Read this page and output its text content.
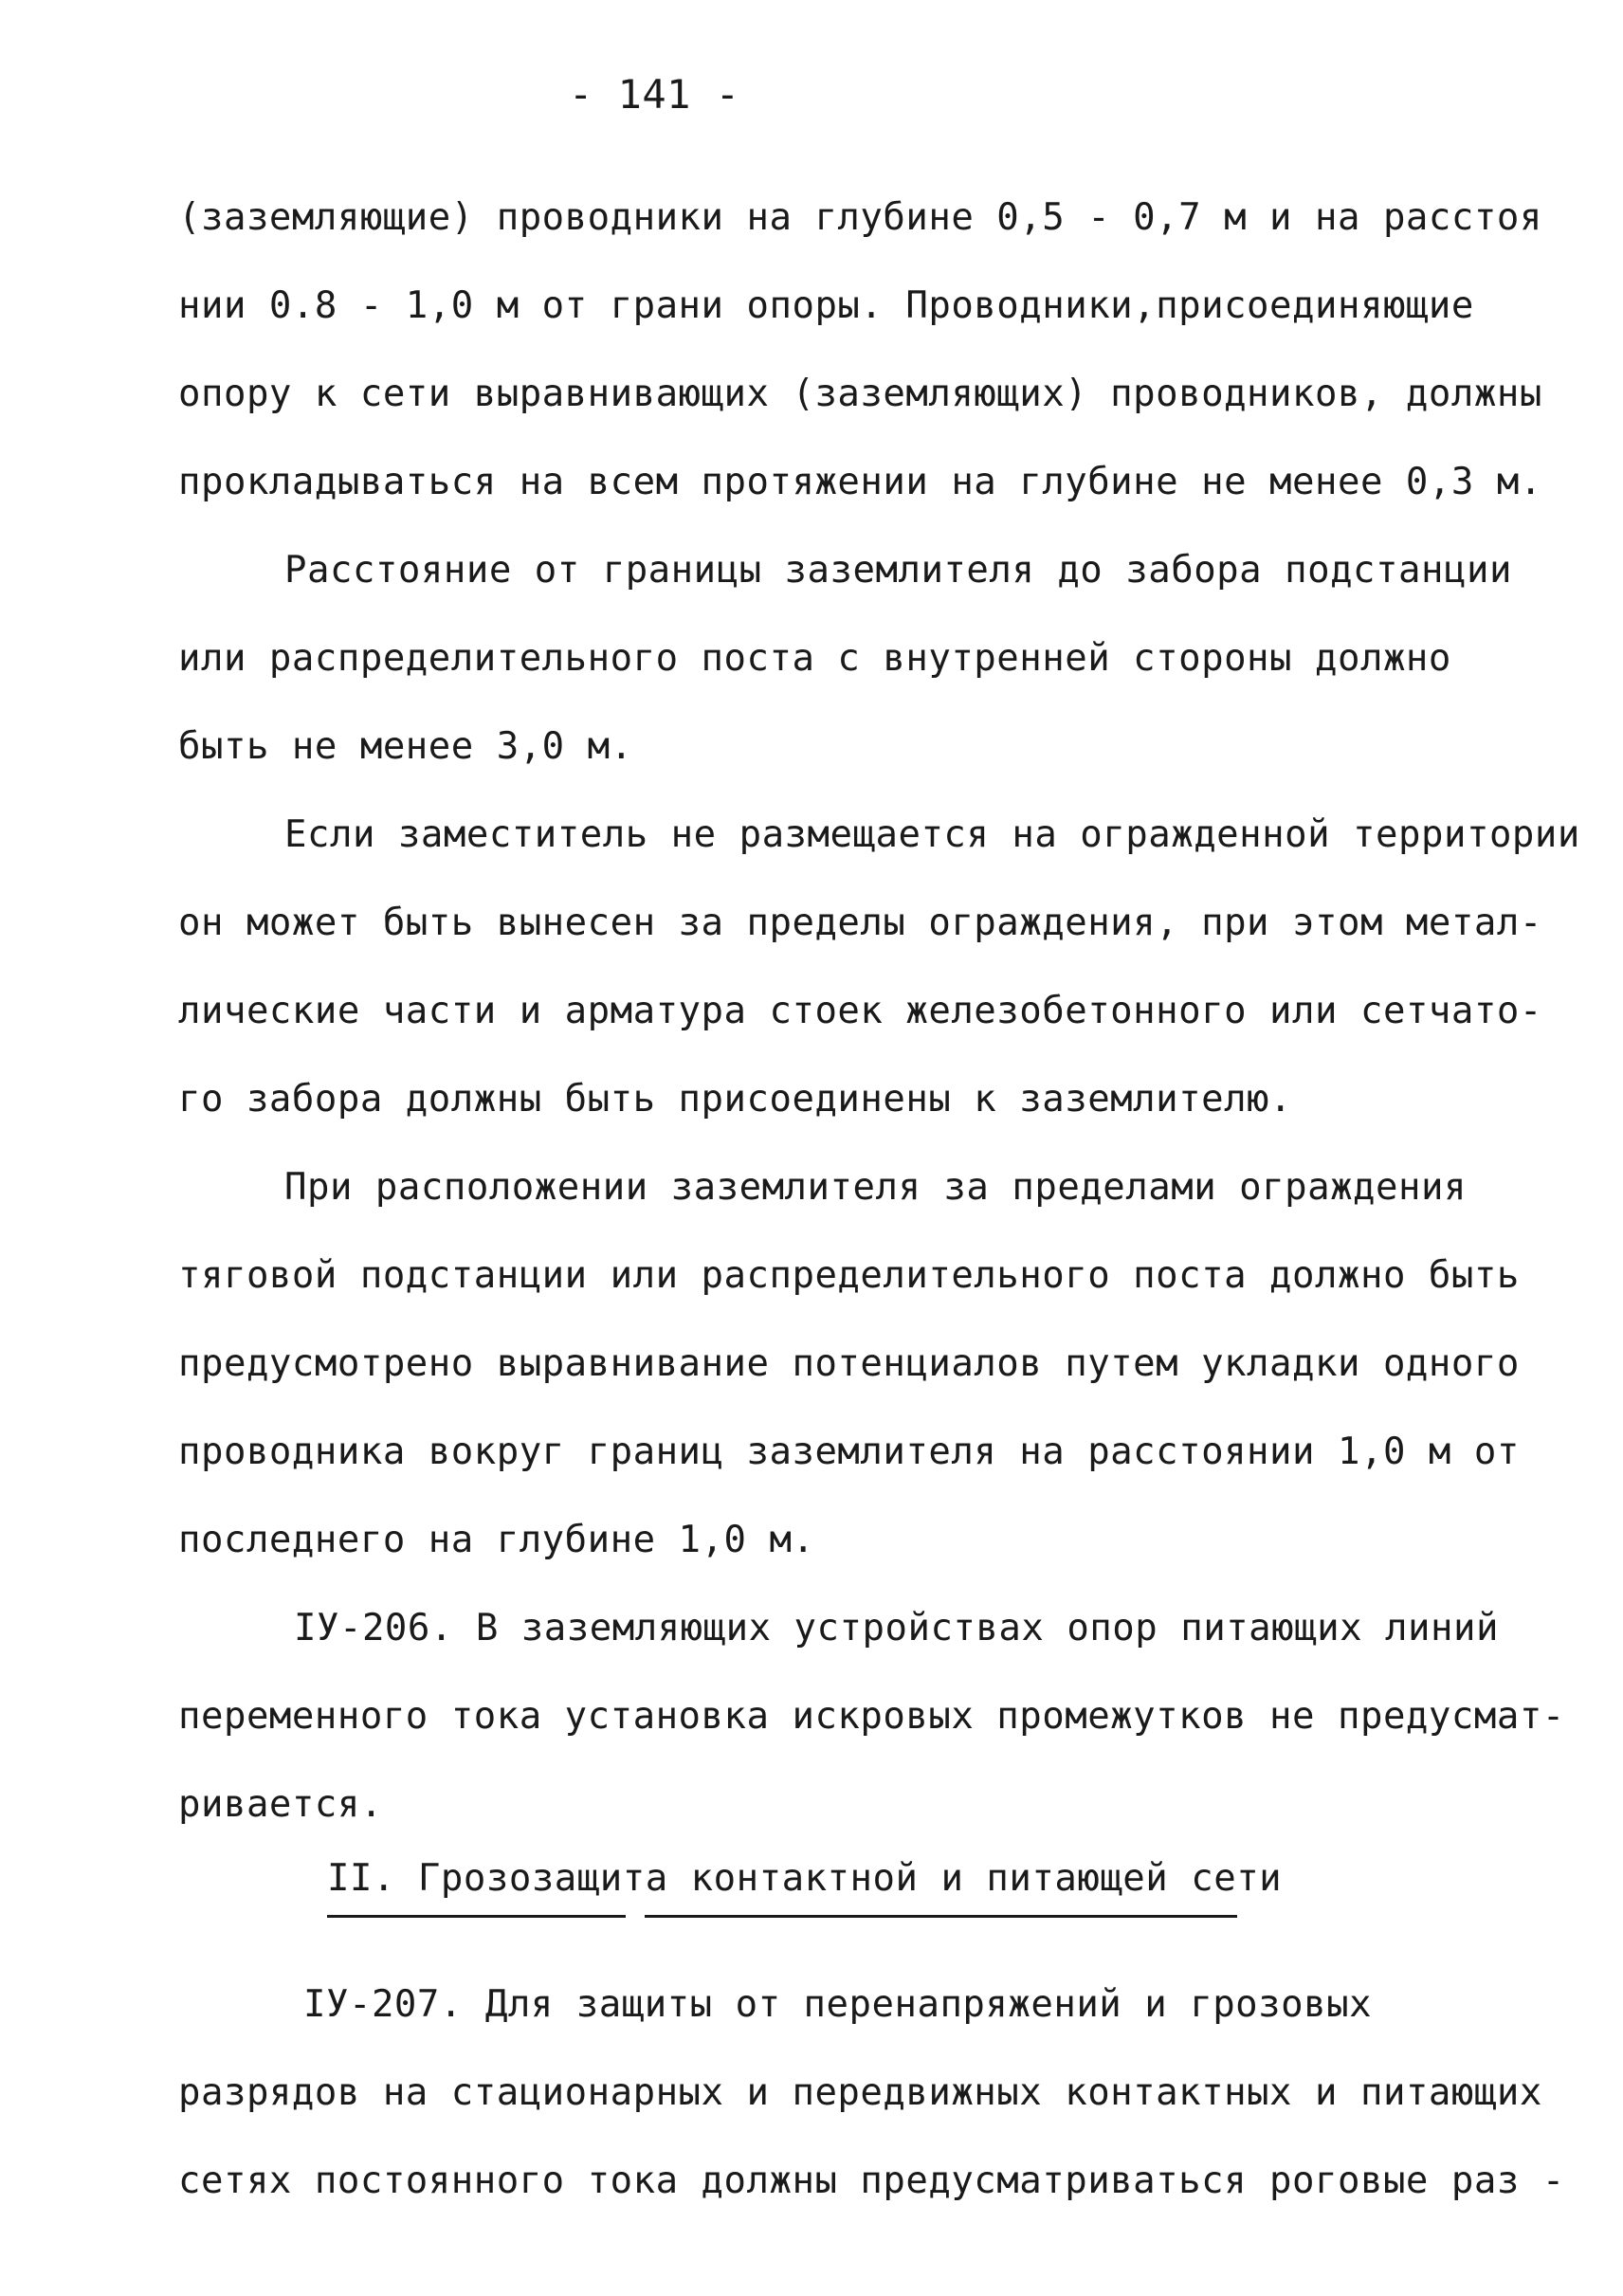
- 141 -
(заземляющие) проводники на глубине 0,5 - 0,7 м и на расстоя
нии 0.8 - 1,0 м от грани опоры. Проводники,присоединяющие
опору к сети выравнивающих (заземляющих) проводников, должны
прокладываться на всем протяжении на глубине не менее 0,3 м.
Расстояние от границы заземлителя до забора подстанции
или распределительного поста с внутренней стороны должно
быть не менее 3,0 м.
Если заместитель не размещается на огражденной территории
он может быть вынесен за пределы ограждения, при этом метал-
лические части и арматура стоек железобетонного или сетчато-
го забора должны быть присоединены к заземлителю.
При расположении заземлителя за пределами ограждения
тяговой подстанции или распределительного поста должно быть
предусмотрено выравнивание потенциалов путем укладки одного
проводника вокруг границ заземлителя на расстоянии 1,0 м от
последнего на глубине 1,0 м.
IУ-206. В заземляющих устройствах опор питающих линий
переменного тока установка искровых промежутков не предусмат-
ривается.
II. Грозозащита контактной и питающей сети
IУ-207. Для защиты от перенапряжений и грозовых
разрядов на стационарных и передвижных контактных и питающих
сетях постоянного тока должны предусматриваться роговые раз -
